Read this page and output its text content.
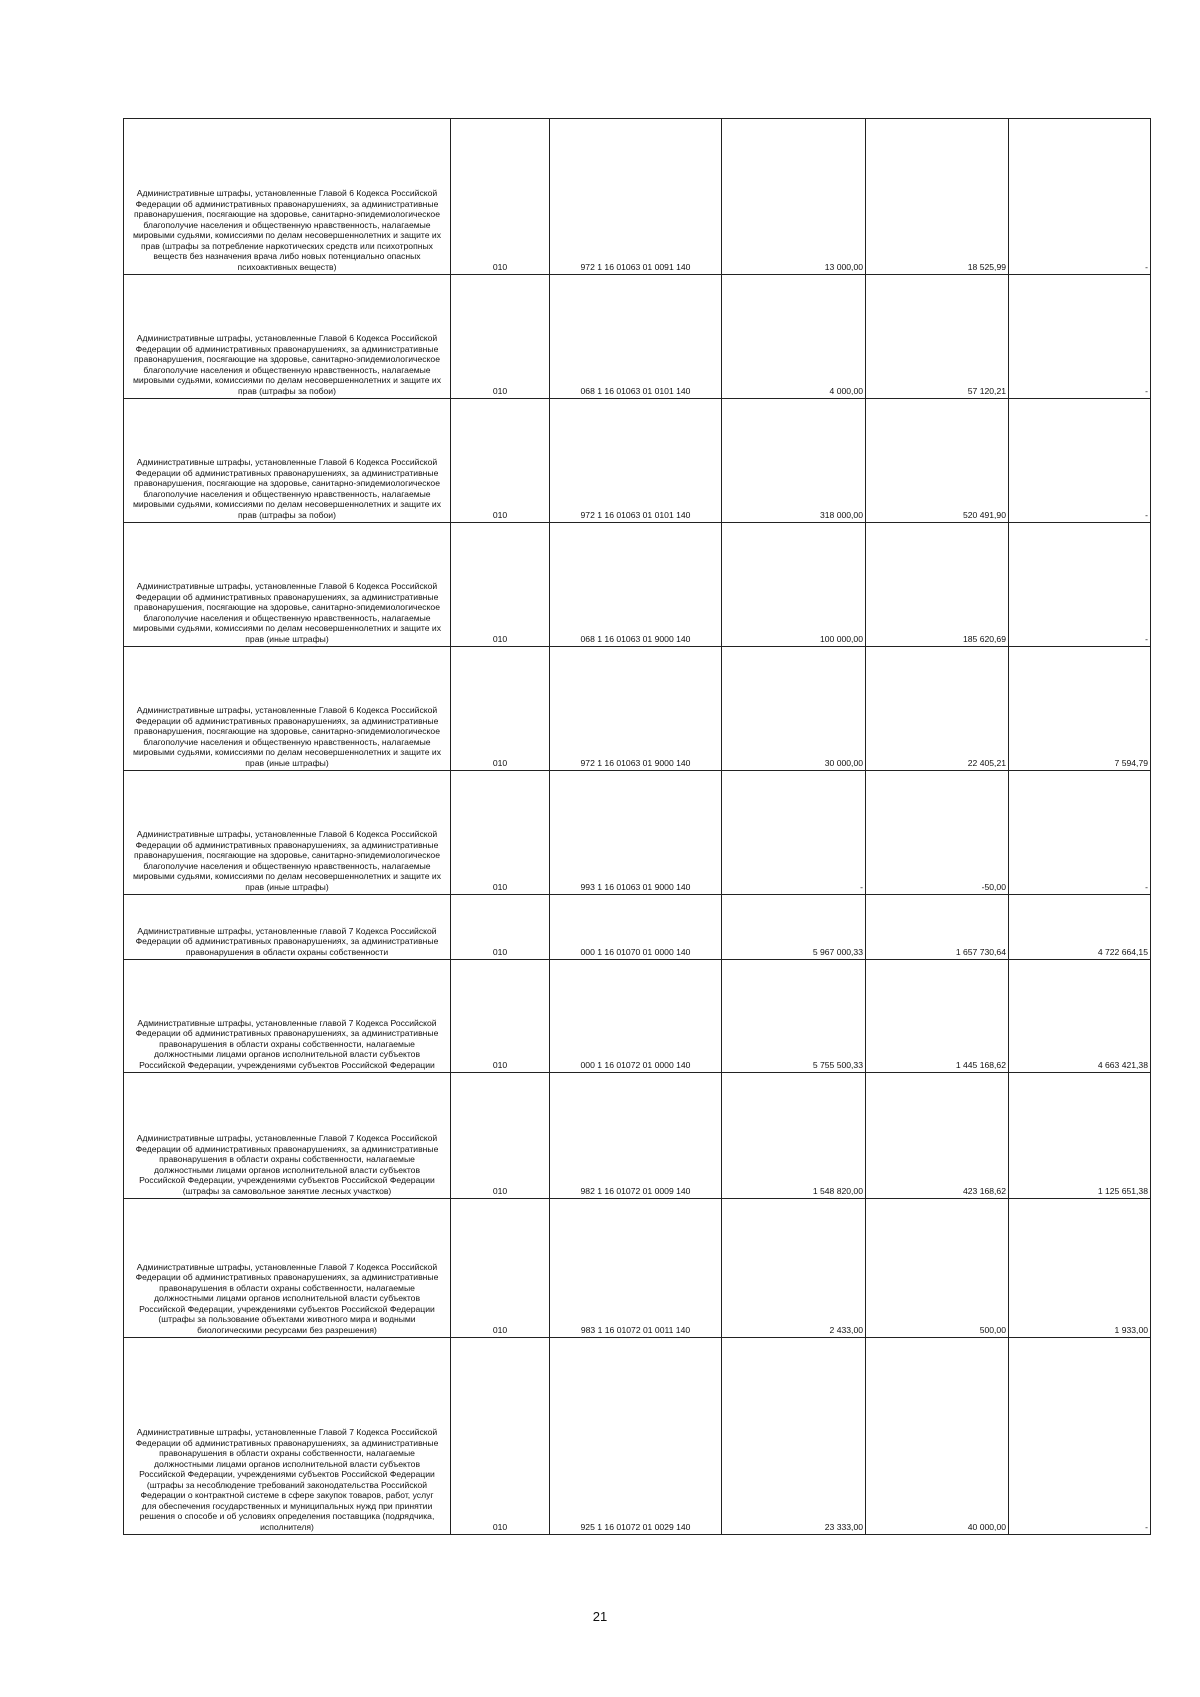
Административные штрафы, установленные Главой 6 Кодекса Российской Федерации об административных правонарушениях, за административные правонарушения, посягающие на здоровье, санитарно-эпидемиологическое благополучие населения и общественную нравственность, налагаемые мировыми судьями, комиссиями по делам несовершеннолетних и защите их прав (штрафы за потребление наркотических средств или психотропных веществ без назначения врача либо новых потенциально опасных психоактивных веществ)	010	972 1 16 01063 01 0091 140	13 000,00	18 525,99	-
Административные штрафы, установленные Главой 6 Кодекса Российской Федерации об административных правонарушениях, за административные правонарушения, посягающие на здоровье, санитарно-эпидемиологическое благополучие населения и общественную нравственность, налагаемые мировыми судьями, комиссиями по делам несовершеннолетних и защите их прав (штрафы за побои)	010	068 1 16 01063 01 0101 140	4 000,00	57 120,21	-
Административные штрафы, установленные Главой 6 Кодекса Российской Федерации об административных правонарушениях, за административные правонарушения, посягающие на здоровье, санитарно-эпидемиологическое благополучие населения и общественную нравственность, налагаемые мировыми судьями, комиссиями по делам несовершеннолетних и защите их прав (штрафы за побои)	010	972 1 16 01063 01 0101 140	318 000,00	520 491,90	-
Административные штрафы, установленные Главой 6 Кодекса Российской Федерации об административных правонарушениях, за административные правонарушения, посягающие на здоровье, санитарно-эпидемиологическое благополучие населения и общественную нравственность, налагаемые мировыми судьями, комиссиями по делам несовершеннолетних и защите их прав (иные штрафы)	010	068 1 16 01063 01 9000 140	100 000,00	185 620,69	-
Административные штрафы, установленные Главой 6 Кодекса Российской Федерации об административных правонарушениях, за административные правонарушения, посягающие на здоровье, санитарно-эпидемиологическое благополучие населения и общественную нравственность, налагаемые мировыми судьями, комиссиями по делам несовершеннолетних и защите их прав (иные штрафы)	010	972 1 16 01063 01 9000 140	30 000,00	22 405,21	7 594,79
Административные штрафы, установленные Главой 6 Кодекса Российской Федерации об административных правонарушениях, за административные правонарушения, посягающие на здоровье, санитарно-эпидемиологическое благополучие населения и общественную нравственность, налагаемые мировыми судьями, комиссиями по делам несовершеннолетних и защите их прав (иные штрафы)	010	993 1 16 01063 01 9000 140	-	-50,00	-
Административные штрафы, установленные главой 7 Кодекса Российской Федерации об административных правонарушениях, за административные правонарушения в области охраны собственности	010	000 1 16 01070 01 0000 140	5 967 000,33	1 657 730,64	4 722 664,15
Административные штрафы, установленные главой 7 Кодекса Российской Федерации об административных правонарушениях, за административные правонарушения в области охраны собственности, налагаемые должностными лицами органов исполнительной власти субъектов Российской Федерации, учреждениями субъектов Российской Федерации	010	000 1 16 01072 01 0000 140	5 755 500,33	1 445 168,62	4 663 421,38
Административные штрафы, установленные Главой 7 Кодекса Российской Федерации об административных правонарушениях, за административные правонарушения в области охраны собственности, налагаемые должностными лицами органов исполнительной власти субъектов Российской Федерации, учреждениями субъектов Российской Федерации (штрафы за самовольное занятие лесных участков)	010	982 1 16 01072 01 0009 140	1 548 820,00	423 168,62	1 125 651,38
Административные штрафы, установленные Главой 7 Кодекса Российской Федерации об административных правонарушениях, за административные правонарушения в области охраны собственности, налагаемые должностными лицами органов исполнительной власти субъектов Российской Федерации, учреждениями субъектов Российской Федерации (штрафы за пользование объектами животного мира и водными биологическими ресурсами без разрешения)	010	983 1 16 01072 01 0011 140	2 433,00	500,00	1 933,00
Административные штрафы, установленные Главой 7 Кодекса Российской Федерации об административных правонарушениях, за административные правонарушения в области охраны собственности, налагаемые должностными лицами органов исполнительной власти субъектов Российской Федерации, учреждениями субъектов Российской Федерации (штрафы за несоблюдение требований законодательства Российской Федерации о контрактной системе в сфере закупок товаров, работ, услуг для обеспечения государственных и муниципальных нужд при принятии решения о способе и об условиях определения поставщика (подрядчика, исполнителя)	010	925 1 16 01072 01 0029 140	23 333,00	40 000,00	-
21
